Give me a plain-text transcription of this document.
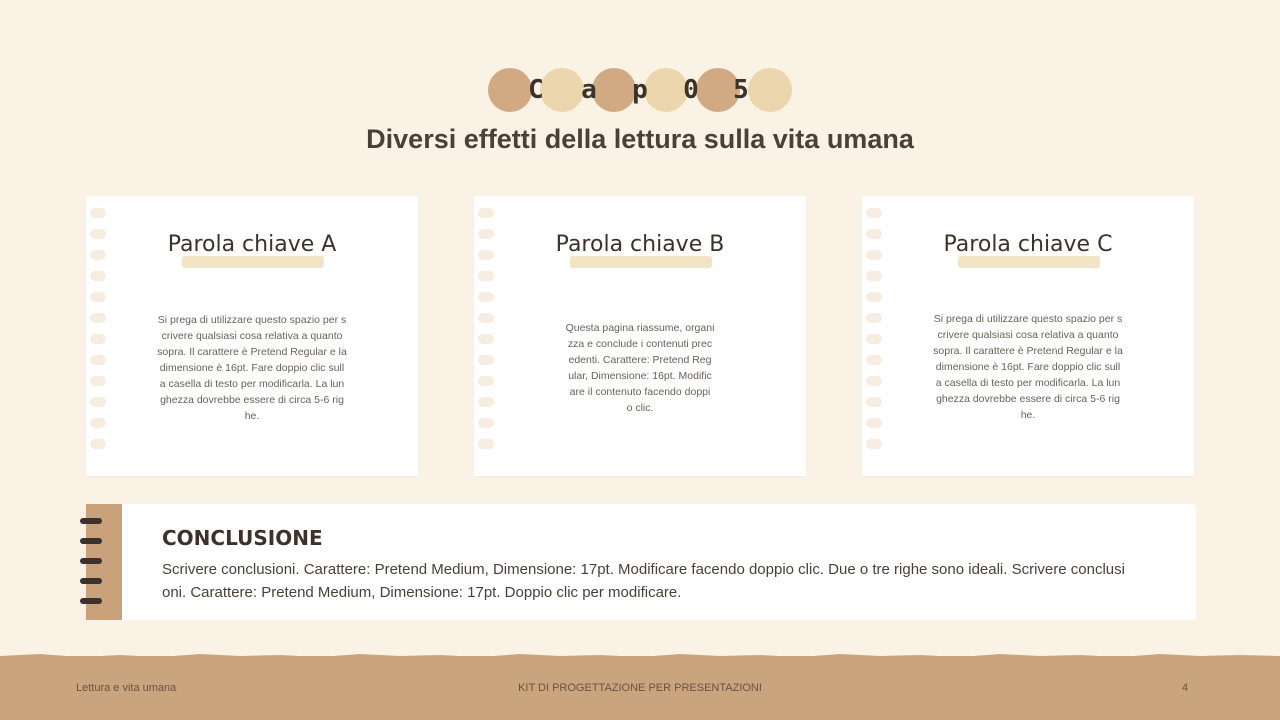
C a p 0 5
Diversi effetti della lettura sulla vita umana
Parola chiave A
Si prega di utilizzare questo spazio per s
crivere qualsiasi cosa relativa a quanto
sopra. Il carattere è Pretend Regular e la
dimensione è 16pt. Fare doppio clic sull
a casella di testo per modificarla. La lun
ghezza dovrebbe essere di circa 5-6 rig
he.
Parola chiave B
Questa pagina riassume, organi
zza e conclude i contenuti prec
edenti. Carattere: Pretend Reg
ular, Dimensione: 16pt. Modific
are il contenuto facendo doppi
o clic.
Parola chiave C
Si prega di utilizzare questo spazio per s
crivere qualsiasi cosa relativa a quanto
sopra. Il carattere è Pretend Regular e la
dimensione è 16pt. Fare doppio clic sull
a casella di testo per modificarla. La lun
ghezza dovrebbe essere di circa 5-6 rig
he.
CONCLUSIONE
Scrivere conclusioni. Carattere: Pretend Medium, Dimensione: 17pt. Modificare facendo doppio clic. Due o tre righe sono ideali. Scrivere conclusi
oni. Carattere: Pretend Medium, Dimensione: 17pt. Doppio clic per modificare.
Lettura e vita umana	KIT DI PROGETTAZIONE PER PRESENTAZIONI	4
